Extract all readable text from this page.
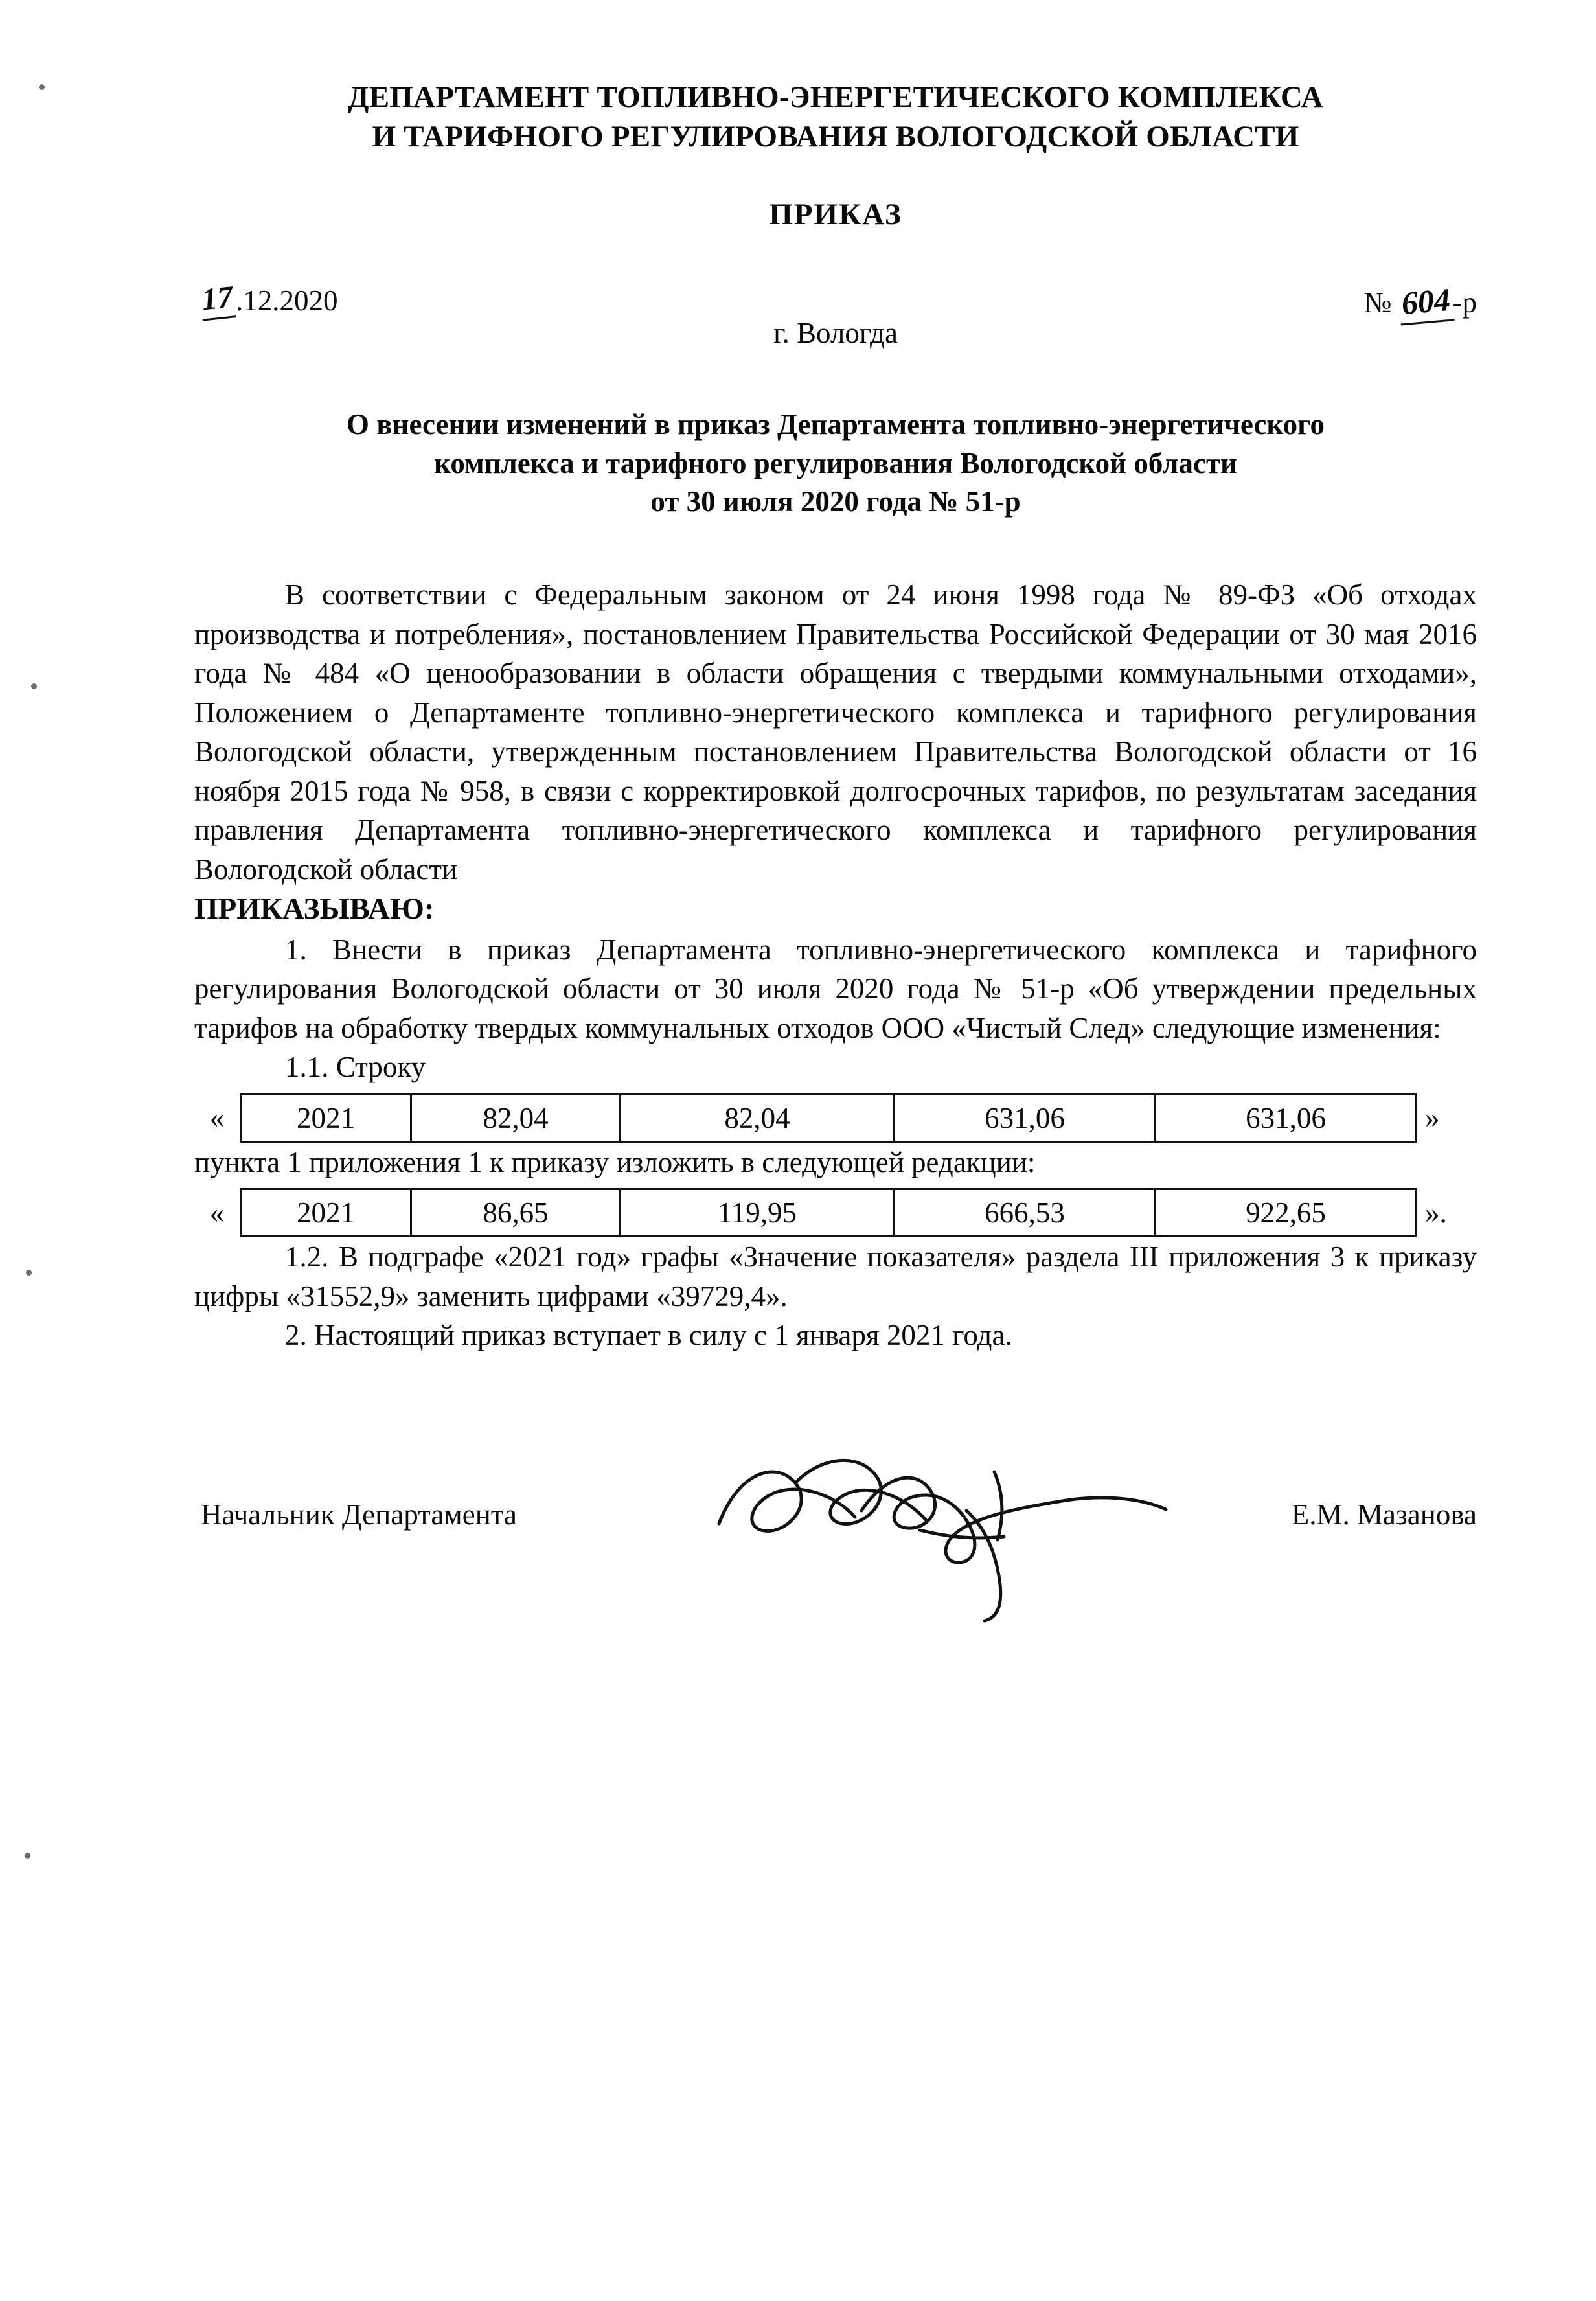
ДЕПАРТАМЕНТ ТОПЛИВНО-ЭНЕРГЕТИЧЕСКОГО КОМПЛЕКСА
И ТАРИФНОГО РЕГУЛИРОВАНИЯ ВОЛОГОДСКОЙ ОБЛАСТИ
ПРИКАЗ
17.12.2020	№ 604-р
г. Вологда
О внесении изменений в приказ Департамента топливно-энергетического
комплекса и тарифного регулирования Вологодской области
от 30 июля 2020 года № 51-р

В соответствии с Федеральным законом от 24 июня 1998 года № 89-ФЗ «Об отходах производства и потребления», постановлением Правительства Российской Федерации от 30 мая 2016 года № 484 «О ценообразовании в области обращения с твердыми коммунальными отходами», Положением о Департаменте топливно-энергетического комплекса и тарифного регулирования Вологодской области, утвержденным постановлением Правительства Вологодской области от 16 ноября 2015 года № 958, в связи с корректировкой долгосрочных тарифов, по результатам заседания правления Департамента топливно-энергетического комплекса и тарифного регулирования Вологодской области

ПРИКАЗЫВАЮ:

1. Внести в приказ Департамента топливно-энергетического комплекса и тарифного регулирования Вологодской области от 30 июля 2020 года № 51-р «Об утверждении предельных тарифов на обработку твердых коммунальных отходов ООО «Чистый След» следующие изменения:

1.1. Строку

«	2021	82,04	82,04	631,06	631,06	»

пункта 1 приложения 1 к приказу изложить в следующей редакции:

«	2021	86,65	119,95	666,53	922,65	».

1.2. В подграфе «2021 год» графы «Значение показателя» раздела III приложения 3 к приказу цифры «31552,9» заменить цифрами «39729,4».

2. Настоящий приказ вступает в силу с 1 января 2021 года.

Начальник Департамента	Е.М. Мазанова
